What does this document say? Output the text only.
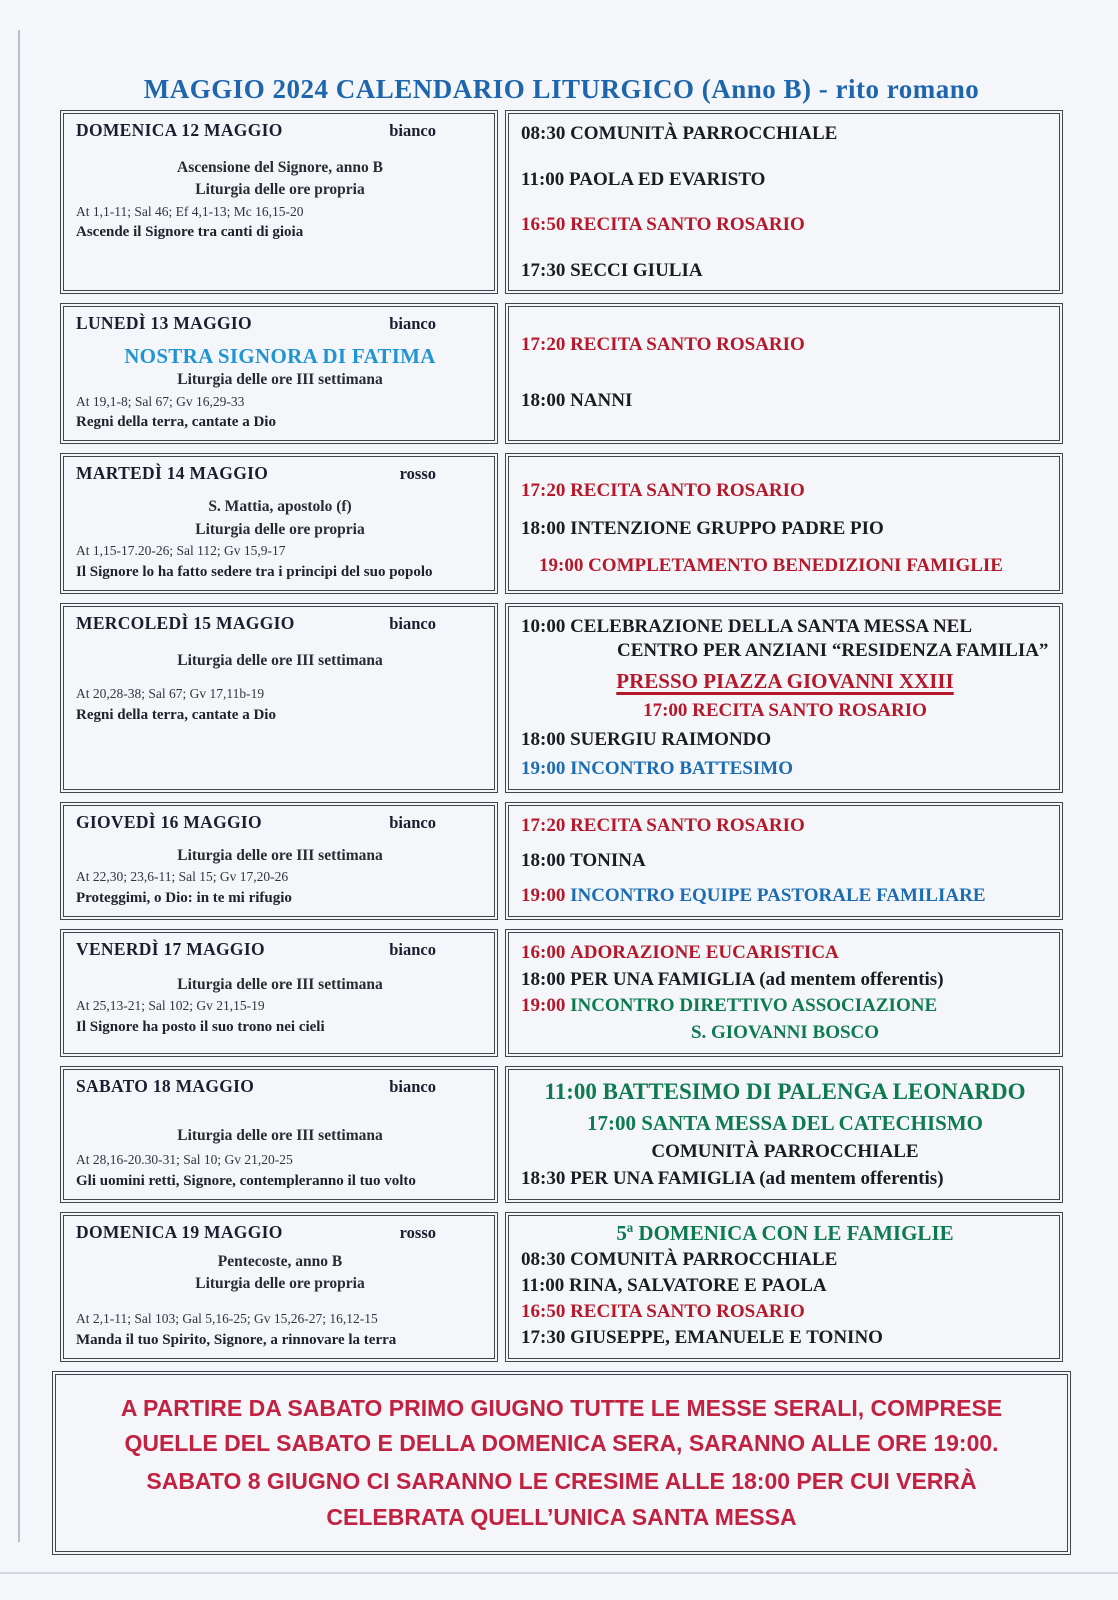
MAGGIO 2024 CALENDARIO LITURGICO (Anno B) - rito romano
DOMENICA 12 MAGGIO	bianco
Ascensione del Signore, anno B
Liturgia delle ore propria
At 1,1-11; Sal 46; Ef 4,1-13; Mc 16,15-20
Ascende il Signore tra canti di gioia
08:30 COMUNITÀ PARROCCHIALE
11:00 PAOLA ED EVARISTO
16:50 RECITA SANTO ROSARIO
17:30 SECCI GIULIA
LUNEDÌ 13 MAGGIO	bianco
NOSTRA SIGNORA DI FATIMA
Liturgia delle ore III settimana
At 19,1-8; Sal 67; Gv 16,29-33
Regni della terra, cantate a Dio
17:20 RECITA SANTO ROSARIO
18:00 NANNI
MARTEDÌ 14 MAGGIO	rosso
S. Mattia, apostolo (f)
Liturgia delle ore propria
At 1,15-17.20-26; Sal 112; Gv 15,9-17
Il Signore lo ha fatto sedere tra i principi del suo popolo
17:20 RECITA SANTO ROSARIO
18:00 INTENZIONE GRUPPO PADRE PIO
19:00 COMPLETAMENTO BENEDIZIONI FAMIGLIE
MERCOLEDÌ 15 MAGGIO	bianco
Liturgia delle ore III settimana
At 20,28-38; Sal 67; Gv 17,11b-19
Regni della terra, cantate a Dio
10:00 CELEBRAZIONE DELLA SANTA MESSA NEL CENTRO PER ANZIANI “RESIDENZA FAMILIA”
PRESSO PIAZZA GIOVANNI XXIII
17:00 RECITA SANTO ROSARIO
18:00 SUERGIU RAIMONDO
19:00 INCONTRO BATTESIMO
GIOVEDÌ 16 MAGGIO	bianco
Liturgia delle ore III settimana
At 22,30; 23,6-11; Sal 15; Gv 17,20-26
Proteggimi, o Dio: in te mi rifugio
17:20 RECITA SANTO ROSARIO
18:00 TONINA
19:00 INCONTRO EQUIPE PASTORALE FAMILIARE
VENERDÌ 17 MAGGIO	bianco
Liturgia delle ore III settimana
At 25,13-21; Sal 102; Gv 21,15-19
Il Signore ha posto il suo trono nei cieli
16:00 ADORAZIONE EUCARISTICA
18:00 PER UNA FAMIGLIA (ad mentem offerentis)
19:00 INCONTRO DIRETTIVO ASSOCIAZIONE
S. GIOVANNI BOSCO
SABATO 18 MAGGIO	bianco
Liturgia delle ore III settimana
At 28,16-20.30-31; Sal 10; Gv 21,20-25
Gli uomini retti, Signore, contempleranno il tuo volto
11:00 BATTESIMO DI PALENGA LEONARDO
17:00 SANTA MESSA DEL CATECHISMO
COMUNITÀ PARROCCHIALE
18:30 PER UNA FAMIGLIA (ad mentem offerentis)
DOMENICA 19 MAGGIO	rosso
Pentecoste, anno B
Liturgia delle ore propria
At 2,1-11; Sal 103; Gal 5,16-25; Gv 15,26-27; 16,12-15
Manda il tuo Spirito, Signore, a rinnovare la terra
5ª DOMENICA CON LE FAMIGLIE
08:30 COMUNITÀ PARROCCHIALE
11:00 RINA, SALVATORE E PAOLA
16:50 RECITA SANTO ROSARIO
17:30 GIUSEPPE, EMANUELE E TONINO

A PARTIRE DA SABATO PRIMO GIUGNO TUTTE LE MESSE SERALI, COMPRESE QUELLE DEL SABATO E DELLA DOMENICA SERA, SARANNO ALLE ORE 19:00.

SABATO 8 GIUGNO CI SARANNO LE CRESIME ALLE 18:00 PER CUI VERRÀ CELEBRATA QUELL’UNICA SANTA MESSA
